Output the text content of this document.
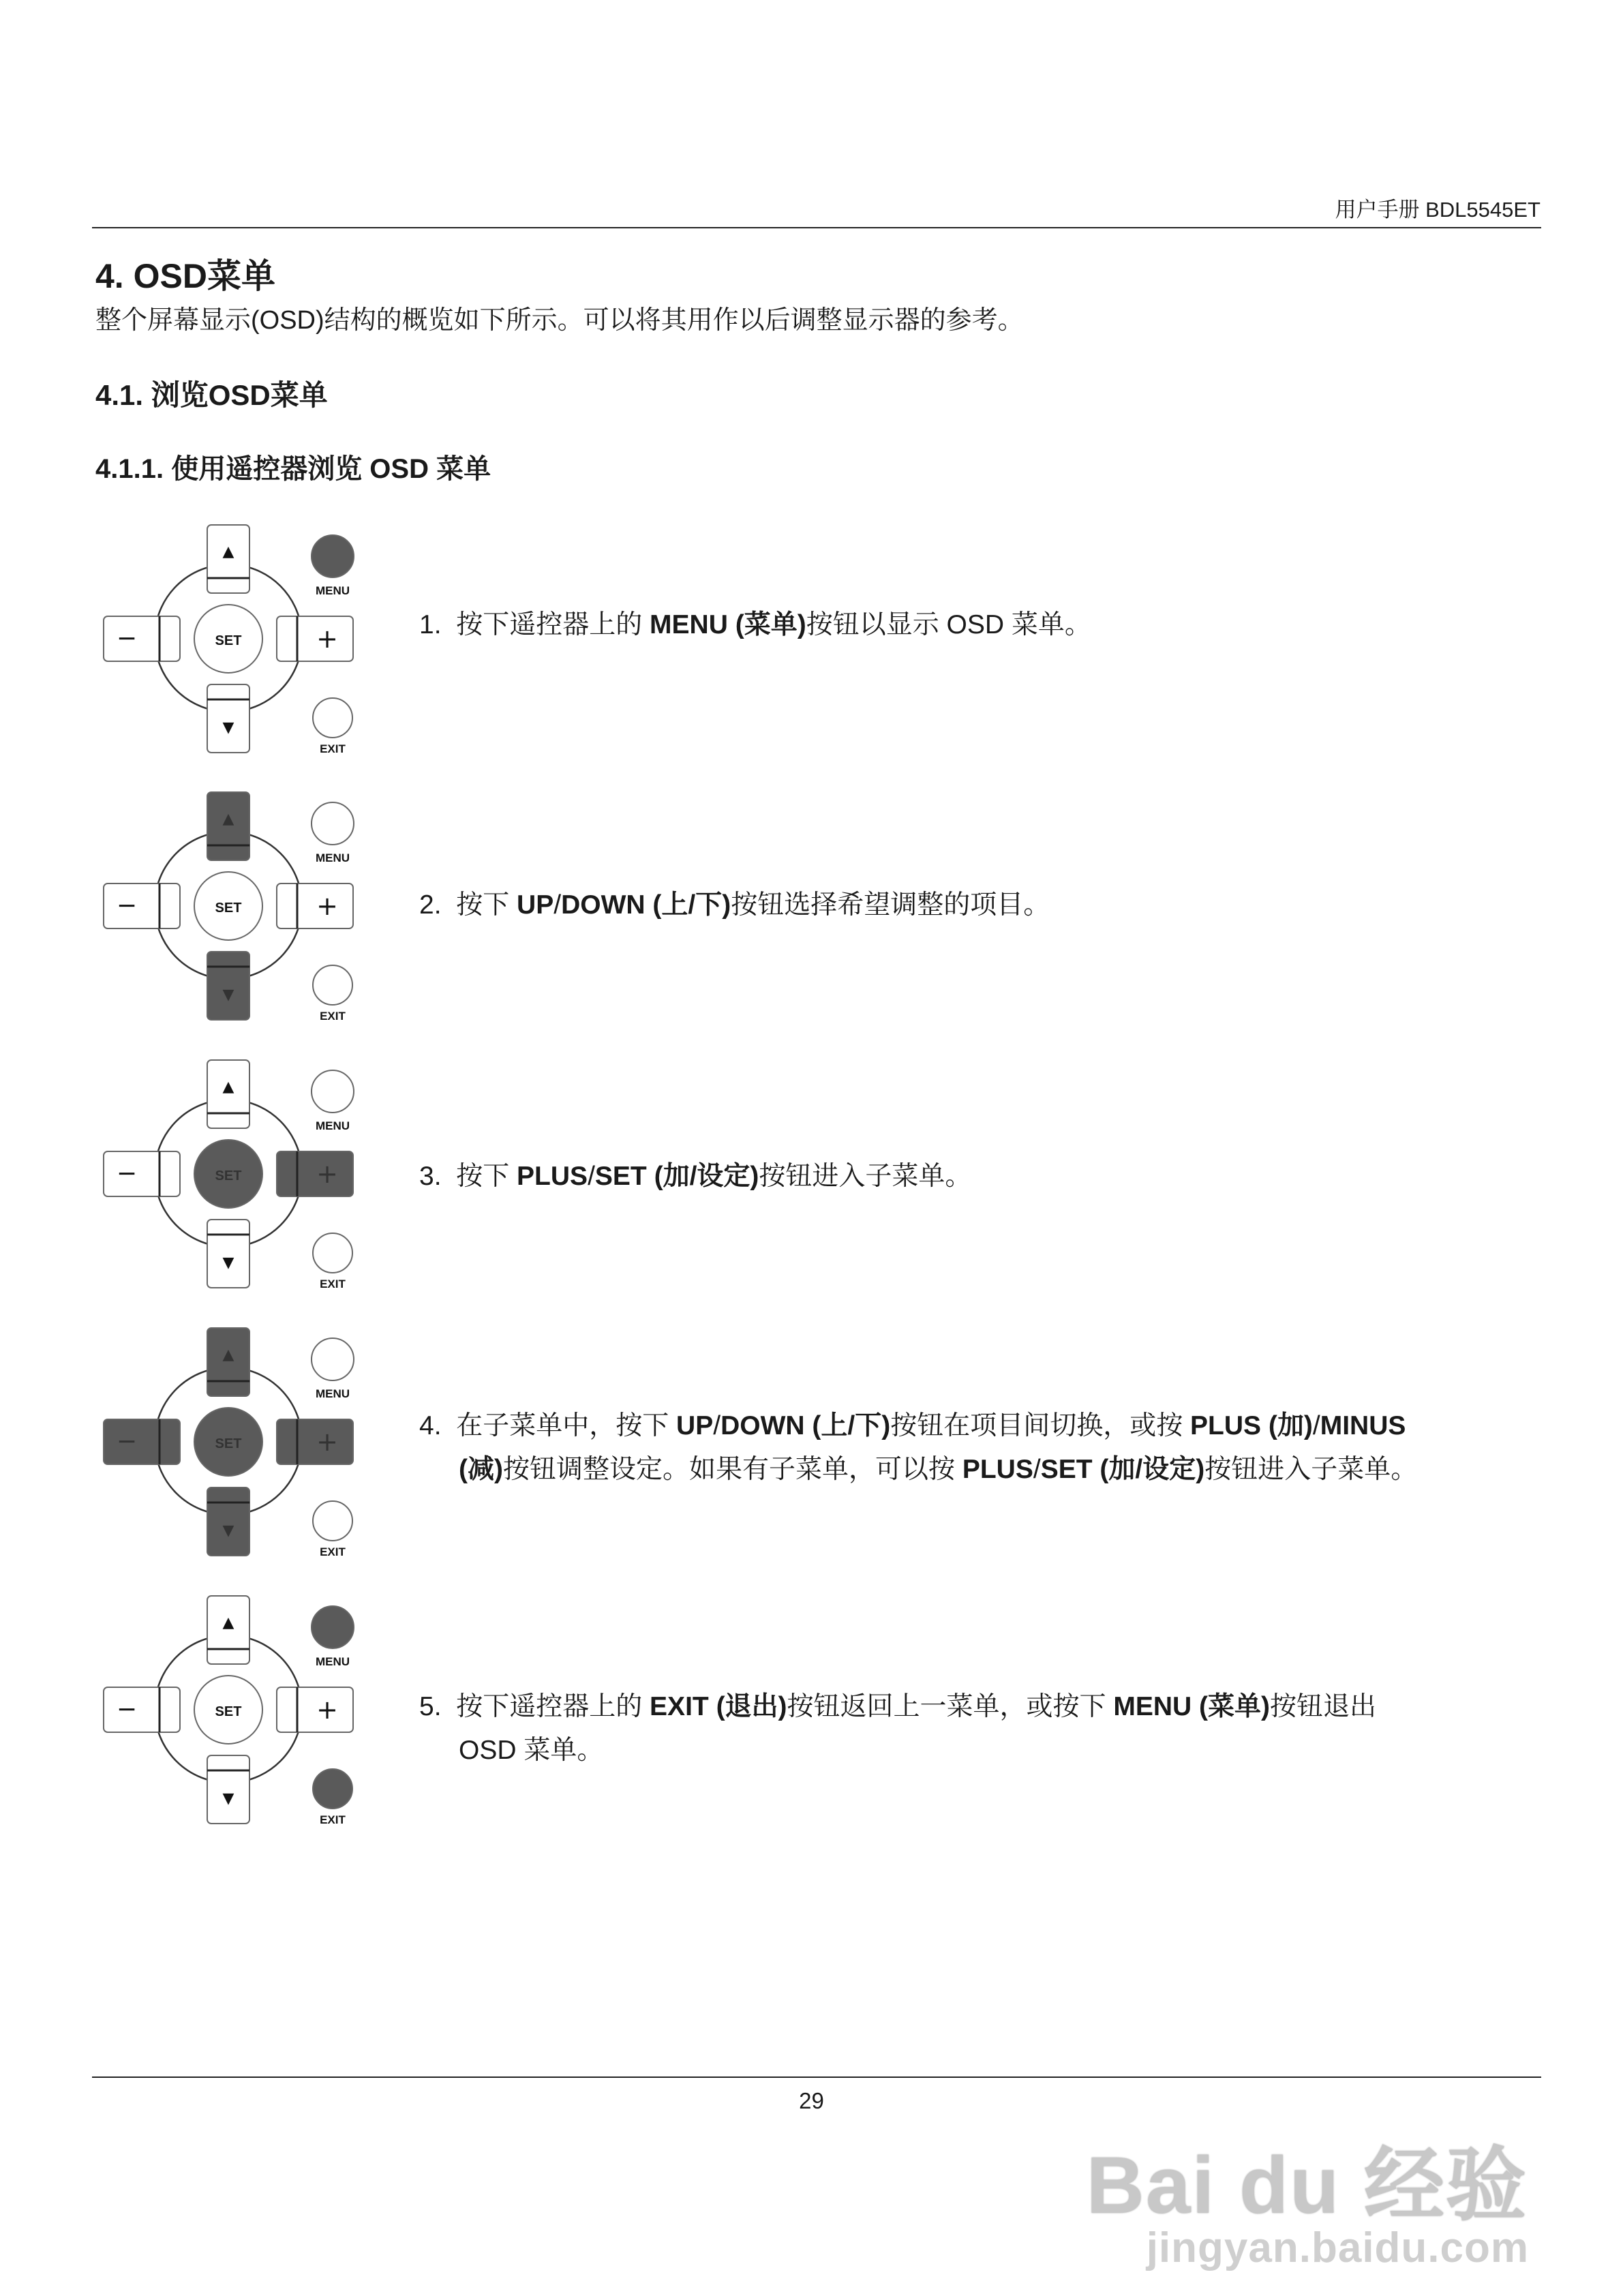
用户手册 BDL5545ET
4. OSD菜单
整个屏幕显示(OSD)结构的概览如下所示。可以将其用作以后调整显示器的参考。
4.1. 浏览OSD菜单
4.1.1. 使用遥控器浏览 OSD 菜单
▲
▼
−	+
SET
MENU
EXIT
▲
▼
−	+
SET
MENU
EXIT
▲
▼
−	+
SET
MENU
EXIT
▲
▼
−	+
SET
MENU
EXIT
▲
▼
−	+
SET
MENU
EXIT
1. 按下遥控器上的 MENU (菜单)按钮以显示 OSD 菜单。
2. 按下 UP/DOWN (上/下)按钮选择希望调整的项目。
3. 按下 PLUS/SET (加/设定)按钮进入子菜单。
4. 在子菜单中，按下 UP/DOWN (上/下)按钮在项目间切换，或按 PLUS (加)/MINUS
(减)按钮调整设定。如果有子菜单，可以按 PLUS/SET (加/设定)按钮进入子菜单。
5. 按下遥控器上的 EXIT (退出)按钮返回上一菜单，或按下 MENU (菜单)按钮退出
OSD 菜单。
29
Bai du 经验
jingyan.baidu.com
